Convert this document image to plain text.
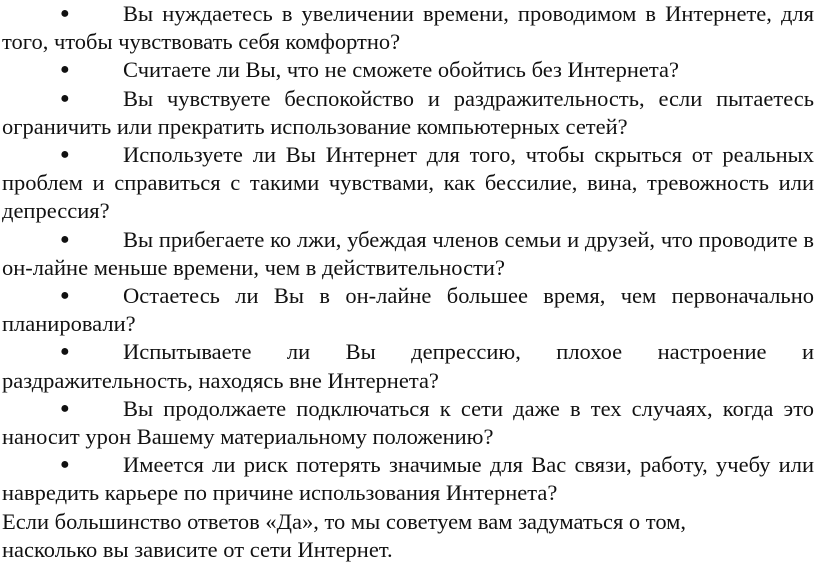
● Вы нуждаетесь в увеличении времени, проводимом в Интернете, для того, чтобы чувствовать себя комфортно?
● Считаете ли Вы, что не сможете обойтись без Интернета?
● Вы чувствуете беспокойство и раздражительность, если пытаетесь ограничить или прекратить использование компьютерных сетей?
● Используете ли Вы Интернет для того, чтобы скрыться от реальных проблем и справиться с такими чувствами, как бессилие, вина, тревожность или депрессия?
● Вы прибегаете ко лжи, убеждая членов семьи и друзей, что проводите в он-лайне меньше времени, чем в действительности?
● Остаетесь ли Вы в он-лайне большее время, чем первоначально планировали?
● Испытываете ли Вы депрессию, плохое настроение и раздражительность, находясь вне Интернета?
● Вы продолжаете подключаться к сети даже в тех случаях, когда это наносит урон Вашему материальному положению?
● Имеется ли риск потерять значимые для Вас связи, работу, учебу или навредить карьере по причине использования Интернета?

Если большинство ответов «Да», то мы советуем вам задуматься о том,
насколько вы зависите от сети Интернет.
